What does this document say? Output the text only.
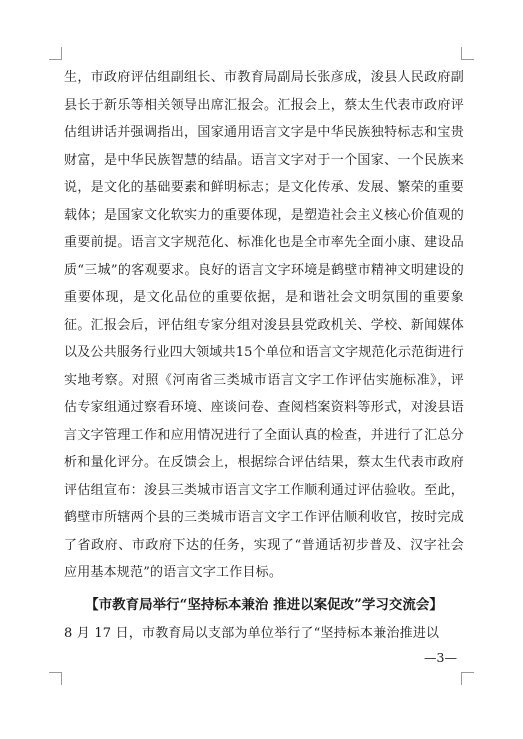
生，市政府评估组副组长、市教育局副局长张彦成，浚县人民政府副县长于新乐等相关领导出席汇报会。汇报会上，蔡太生代表市政府评估组讲话并强调指出，国家通用语言文字是中华民族独特标志和宝贵财富，是中华民族智慧的结晶。语言文字对于一个国家、一个民族来说，是文化的基础要素和鲜明标志；是文化传承、发展、繁荣的重要载体；是国家文化软实力的重要体现，是塑造社会主义核心价值观的重要前提。语言文字规范化、标准化也是全市率先全面小康、建设品质“三城”的客观要求。良好的语言文字环境是鹤壁市精神文明建设的重要体现，是文化品位的重要依据，是和谐社会文明氛围的重要象征。汇报会后，评估组专家分组对浚县县党政机关、学校、新闻媒体以及公共服务行业四大领域共15个单位和语言文字规范化示范街进行实地考察。对照《河南省三类城市语言文字工作评估实施标准》，评估专家组通过察看环境、座谈问卷、查阅档案资料等形式，对浚县语言文字管理工作和应用情况进行了全面认真的检查，并进行了汇总分析和量化评分。在反馈会上，根据综合评估结果，蔡太生代表市政府评估组宣布：浚县三类城市语言文字工作顺利通过评估验收。至此，鹤壁市所辖两个县的三类城市语言文字工作评估顺利收官，按时完成了省政府、市政府下达的任务，实现了“普通话初步普及、汉字社会应用基本规范”的语言文字工作目标。

【市教育局举行“坚持标本兼治 推进以案促改”学习交流会】
8 月 17 日，市教育局以支部为单位举行了“坚持标本兼治推进以
—3—
